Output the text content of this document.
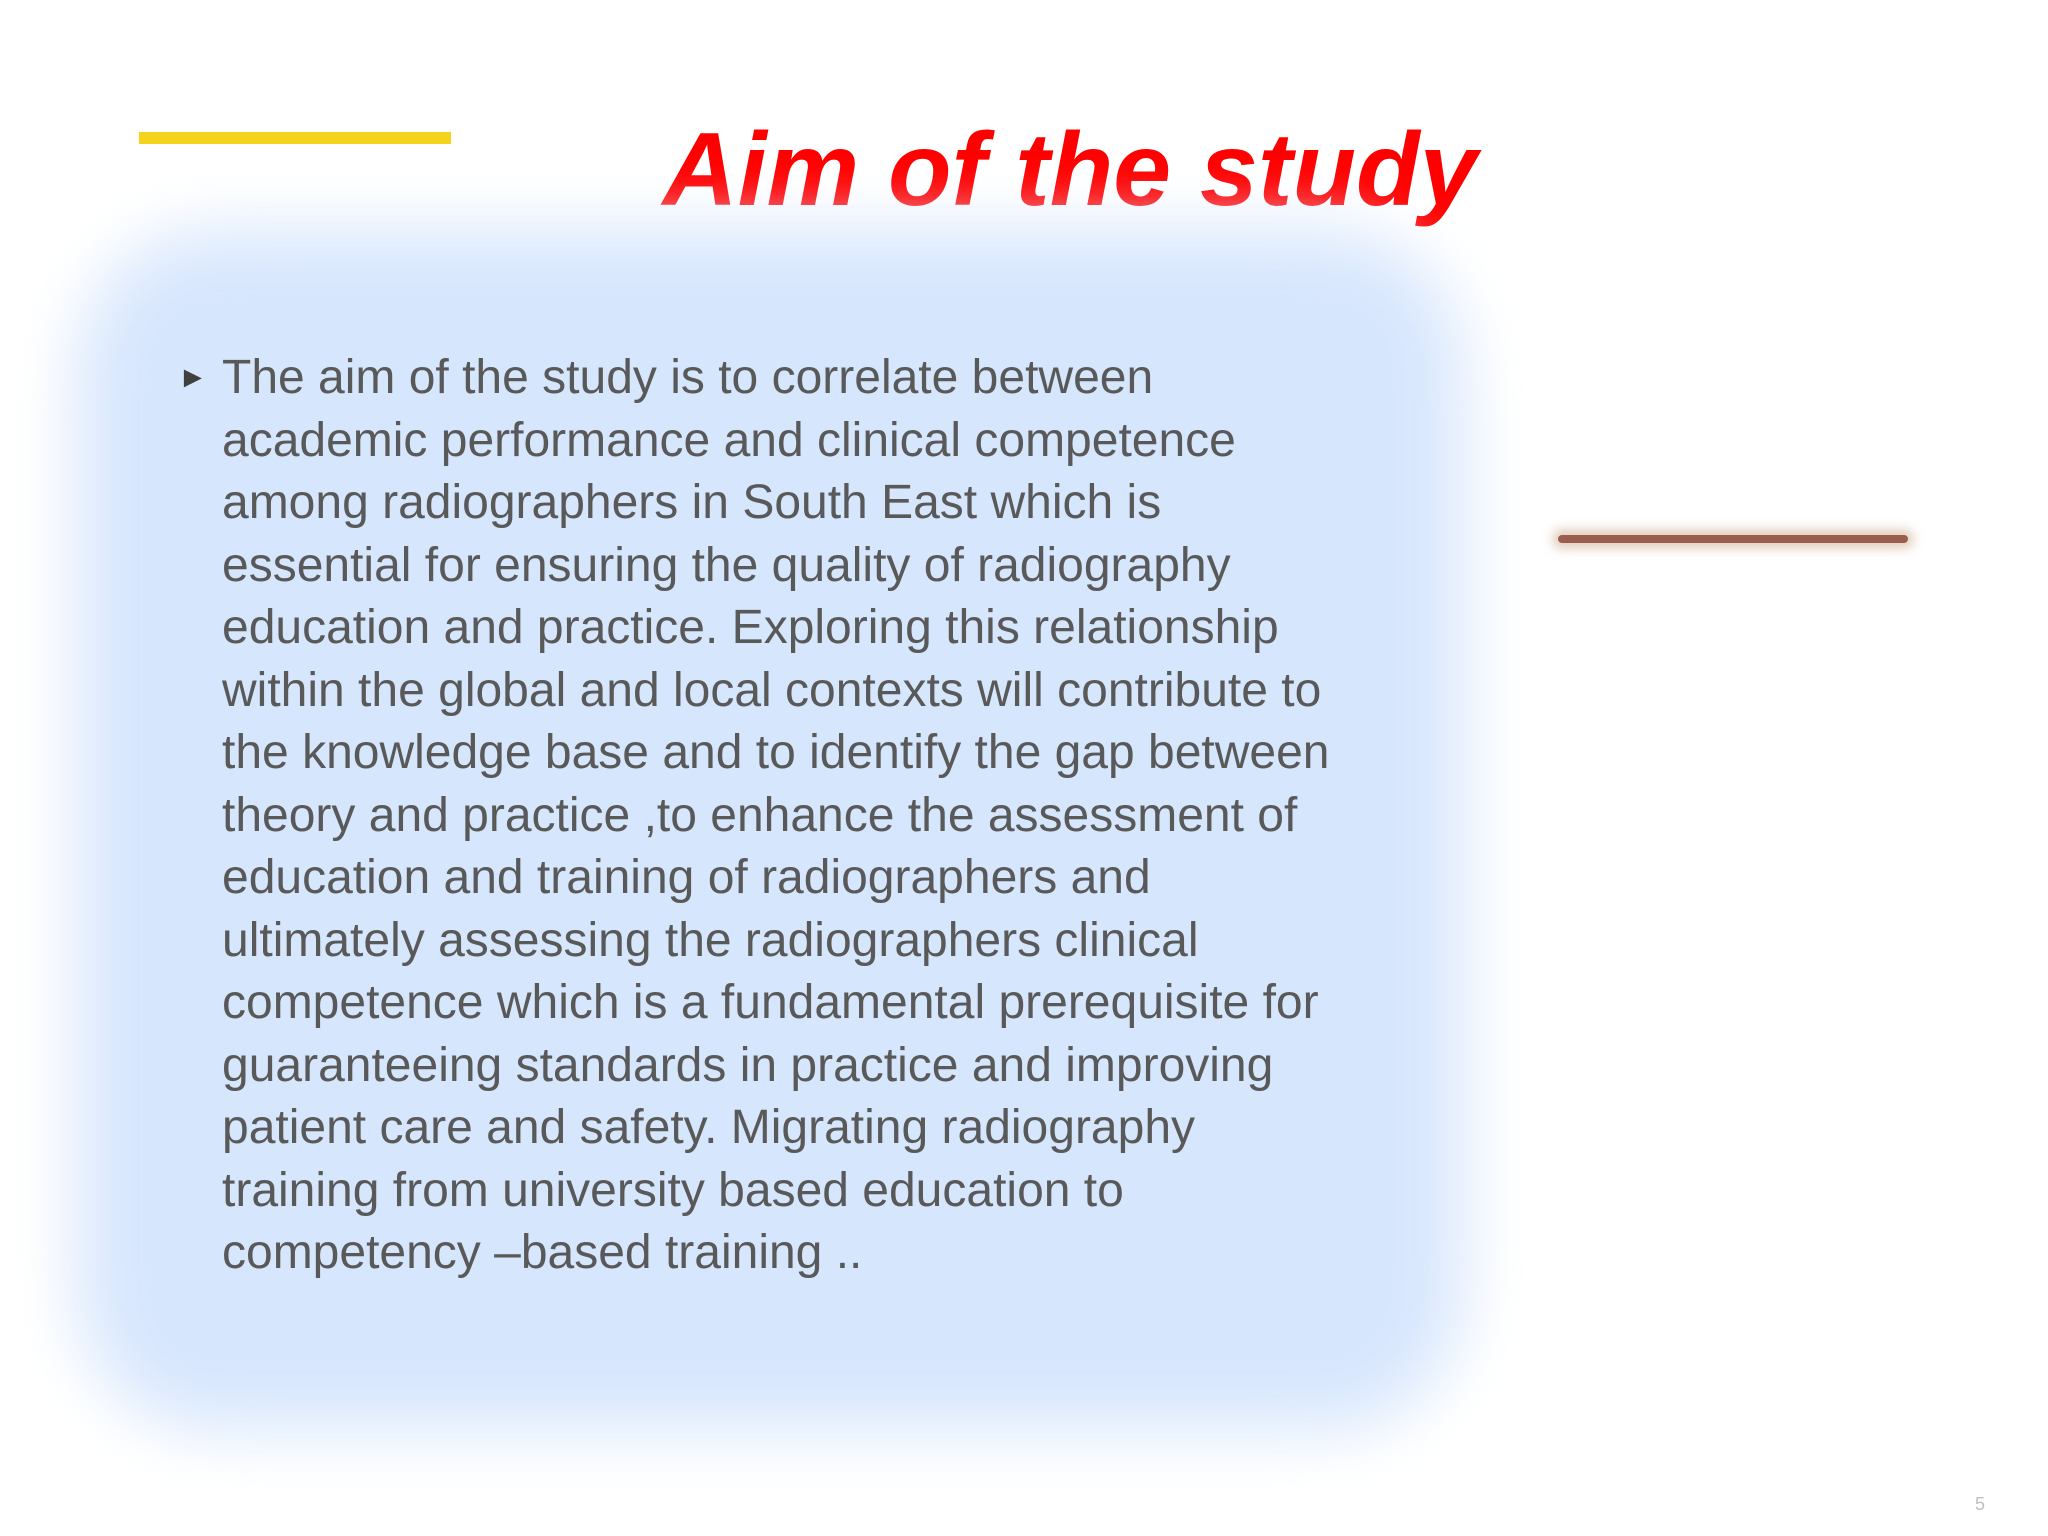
Aim of the study
► The aim of the study is to correlate between
academic performance and clinical competence
among radiographers in South East which is
essential for ensuring the quality of radiography
education and practice. Exploring this relationship
within the global and local contexts will contribute to
the knowledge base and to identify the gap between
theory and practice ,to enhance the assessment of
education and training of radiographers and
ultimately assessing the radiographers clinical
competence which is a fundamental prerequisite for
guaranteeing standards in practice and improving
patient care and safety. Migrating radiography
training from university based education to
competency –based training ..
5
